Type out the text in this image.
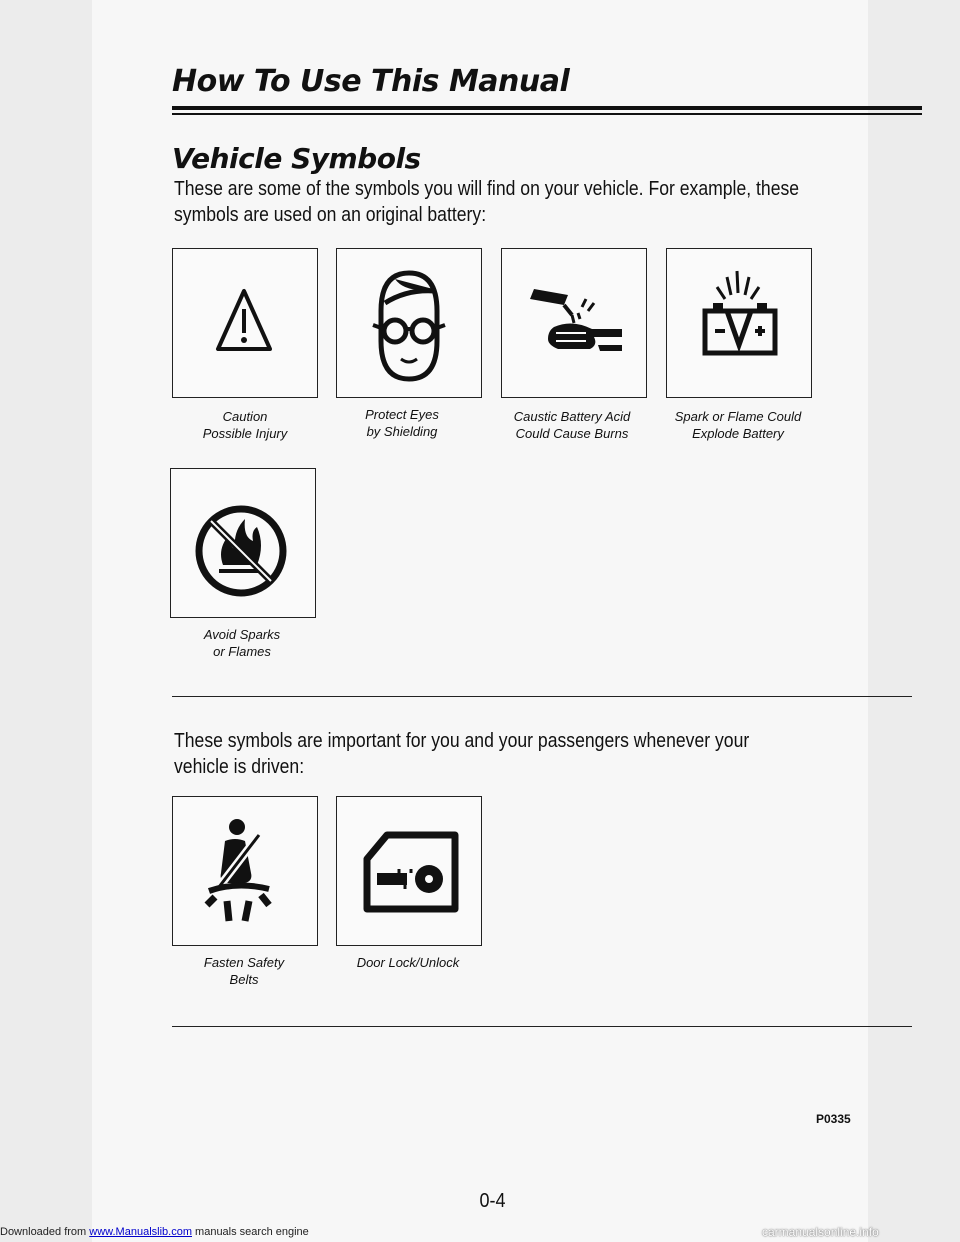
How To Use This Manual
Vehicle Symbols
These are some of the symbols you will find on your vehicle. For example, these symbols are used on an original battery:
Caution
Possible Injury
Protect Eyes
by Shielding
Caustic Battery Acid
Could Cause Burns
Spark or Flame Could
Explode Battery
Avoid Sparks
or Flames
These symbols are important for you and your passengers whenever your vehicle is driven:
Fasten Safety
Belts
Door Lock/Unlock
P0335
0-4
Downloaded from www.Manualslib.com manuals search engine	carmanualsonline.info
